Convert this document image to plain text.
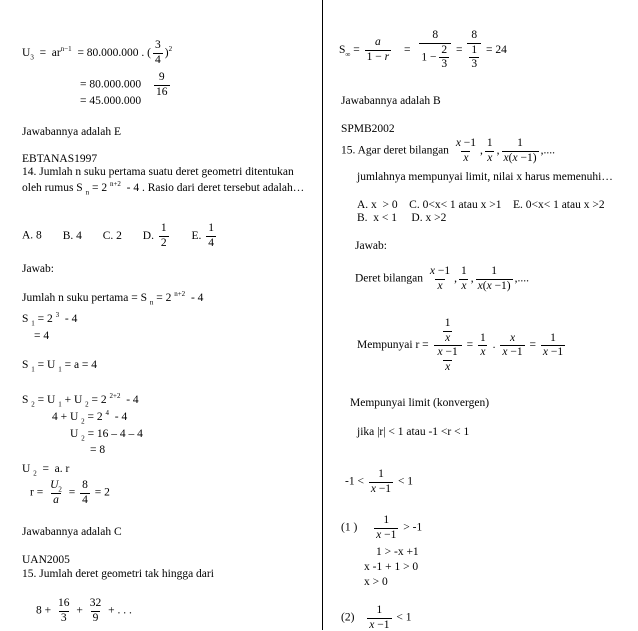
$U_3 = ar^{n-1} = 80.000.000$ . ( $\frac{3}{4} )^2$
= $80.000.000 \frac{9}{16}$
= 45.000.000
Jawabannya adalah E
EBTANAS1997
14. Jumlah n suku pertama suatu deret geometri ditentukan
oleh rumus S $_n$ = 2 $^{n+2}$  - 4 . Rasio dari deret tersebut adalah…
A. 8 B. 4 C. 2 D. $\frac{1}{2} E$. $\frac{1}{4}$
Jawab:
Jumlah n suku pertama = S $_n$ = 2 $^{n+2}$  - 4
S $_1$ = 2 $^3$  - 4
= 4
S $_1$ = U $_1$ = a = 4
S $_2$ = U $_1$ + U $_2$ = 2 $^{2+2}$  - 4
4 + U $_2$ = 2 $^4$  - 4
U $_2$ = 16 – 4 – 4
= 8
U $_2$  =  a. r
$r = \frac{U_2}{a} = \frac{8}{4} = 2$
Jawabannya adalah C
UAN2005
15. Jumlah deret geometri tak hingga dari
$8 + \frac{16}{3} + \frac{32}{9}$ + . . .
$S_\infty = \frac{a}{1 - r} = \frac{8}{1 - \frac{2}{3}} = \frac{8}{\frac{1}{3}} = 24$
Jawabannya adalah B
SPMB2002
15. Agar deret bilangan $\frac{x -1}{x}$ , $\frac{1}{x}$ , $\frac{1}{x(x -1)}$ ,....
jumlahnya mempunyai limit, nilai x harus memenuhi…
A. x  > 0    C. 0<x< 1 atau x >1    E. 0<x< 1 atau x >2
B.  x < 1     D. x >2
Jawab:
Deret bilangan $\frac{x -1}{x}$ , $\frac{1}{x}$ , $\frac{1}{x(x -1)}$ ,....
Mempunyai $r = \frac{\frac{1}{x}}{\frac{x -1}{x}} = \frac{1}{x}$ . $\frac{x}{x -1} = \frac{1}{x -1}$
Mempunyai limit (konvergen)
jika |r| < 1 atau -1 <r < 1
$-1 < \frac{1}{x -1} < 1$
(1 ) $\frac{1}{x -1} > -1$
1 > -x +1
x -1 + 1 > 0
x > 0
$(2) \frac{1}{x -1} < 1$
